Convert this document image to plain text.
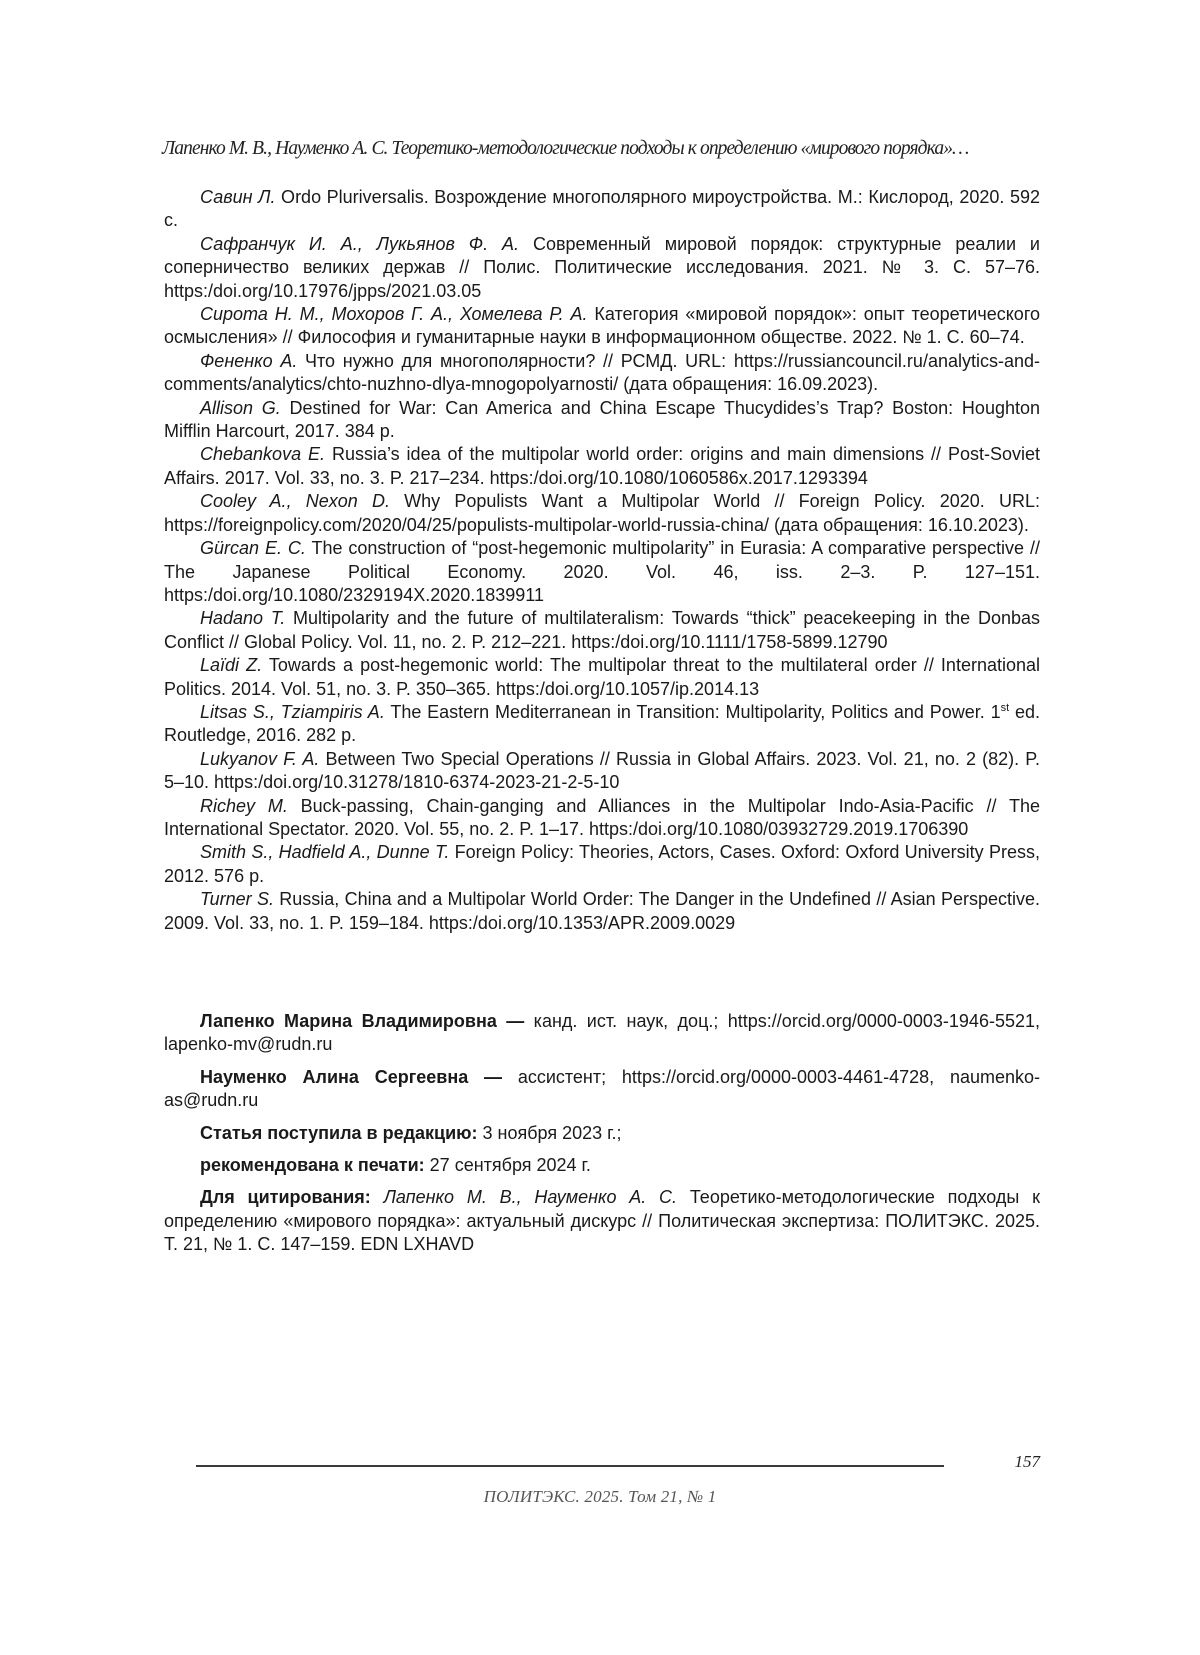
Лапенко М. В., Науменко А. С. Теоретико-методологические подходы к определению «мирового порядка»…

Савин Л. Ordo Pluriversalis. Возрождение многополярного мироустройства. М.: Кислород, 2020. 592 с.

Сафранчук И. А., Лукьянов Ф. А. Современный мировой порядок: структурные реалии и соперничество великих держав // Полис. Политические исследования. 2021. № 3. С. 57–76. https:/doi.org/10.17976/jpps/2021.03.05

Сирота Н. М., Мохоров Г. А., Хомелева Р. А. Категория «мировой порядок»: опыт теоретического осмысления» // Философия и гуманитарные науки в информационном обществе. 2022. № 1. С. 60–74.

Фененко А. Что нужно для многополярности? // РСМД. URL: https://russiancouncil.ru/analytics-and-comments/analytics/chto-nuzhno-dlya-mnogopolyarnosti/ (дата обращения: 16.09.2023).

Allison G. Destined for War: Can America and China Escape Thucydides’s Trap? Boston: Houghton Mifflin Harcourt, 2017. 384 p.

Chebankova E. Russia’s idea of the multipolar world order: origins and main dimensions // Post-Soviet Affairs. 2017. Vol. 33, no. 3. P. 217–234. https:/doi.org/10.1080/1060586x.2017.1293394

Cooley A., Nexon D. Why Populists Want a Multipolar World // Foreign Policy. 2020. URL: https://foreignpolicy.com/2020/04/25/populists-multipolar-world-russia-china/ (дата обращения: 16.10.2023).

Gürcan E. C. The construction of “post-hegemonic multipolarity” in Eurasia: A comparative perspective // The Japanese Political Economy. 2020. Vol. 46, iss. 2–3. P. 127–151. https:/doi.org/10.1080/2329194X.2020.1839911

Hadano T. Multipolarity and the future of multilateralism: Towards “thick” peacekeeping in the Donbas Conflict // Global Policy. Vol. 11, no. 2. P. 212–221. https:/doi.org/10.1111/1758-5899.12790

Laïdi Z. Towards a post-hegemonic world: The multipolar threat to the multilateral order // International Politics. 2014. Vol. 51, no. 3. P. 350–365. https:/doi.org/10.1057/ip.2014.13

Litsas S., Tziampiris A. The Eastern Mediterranean in Transition: Multipolarity, Politics and Power. 1st ed. Routledge, 2016. 282 p.

Lukyanov F. A. Between Two Special Operations // Russia in Global Affairs. 2023. Vol. 21, no. 2 (82). P. 5–10. https:/doi.org/10.31278/1810-6374-2023-21-2-5-10

Richey M. Buck-passing, Chain-ganging and Alliances in the Multipolar Indo-Asia-Pacific // The International Spectator. 2020. Vol. 55, no. 2. P. 1–17. https:/doi.org/10.1080/03932729.2019.1706390

Smith S., Hadfield A., Dunne T. Foreign Policy: Theories, Actors, Cases. Oxford: Oxford University Press, 2012. 576 p.

Turner S. Russia, China and a Multipolar World Order: The Danger in the Undefined // Asian Perspective. 2009. Vol. 33, no. 1. P. 159–184. https:/doi.org/10.1353/APR.2009.0029

Лапенко Марина Владимировна — канд. ист. наук, доц.; https://orcid.org/0000-0003-1946-5521, lapenko-mv@rudn.ru

Науменко Алина Сергеевна — ассистент; https://orcid.org/0000-0003-4461-4728, naumenko-as@rudn.ru

Статья поступила в редакцию: 3 ноября 2023 г.;

рекомендована к печати: 27 сентября 2024 г.

Для цитирования: Лапенко М. В., Науменко А. С. Теоретико-методологические подходы к определению «мирового порядка»: актуальный дискурс // Политическая экспертиза: ПОЛИТЭКС. 2025. Т. 21, № 1. С. 147–159. EDN LXHAVD

157
ПОЛИТЭКС. 2025. Том 21, № 1
